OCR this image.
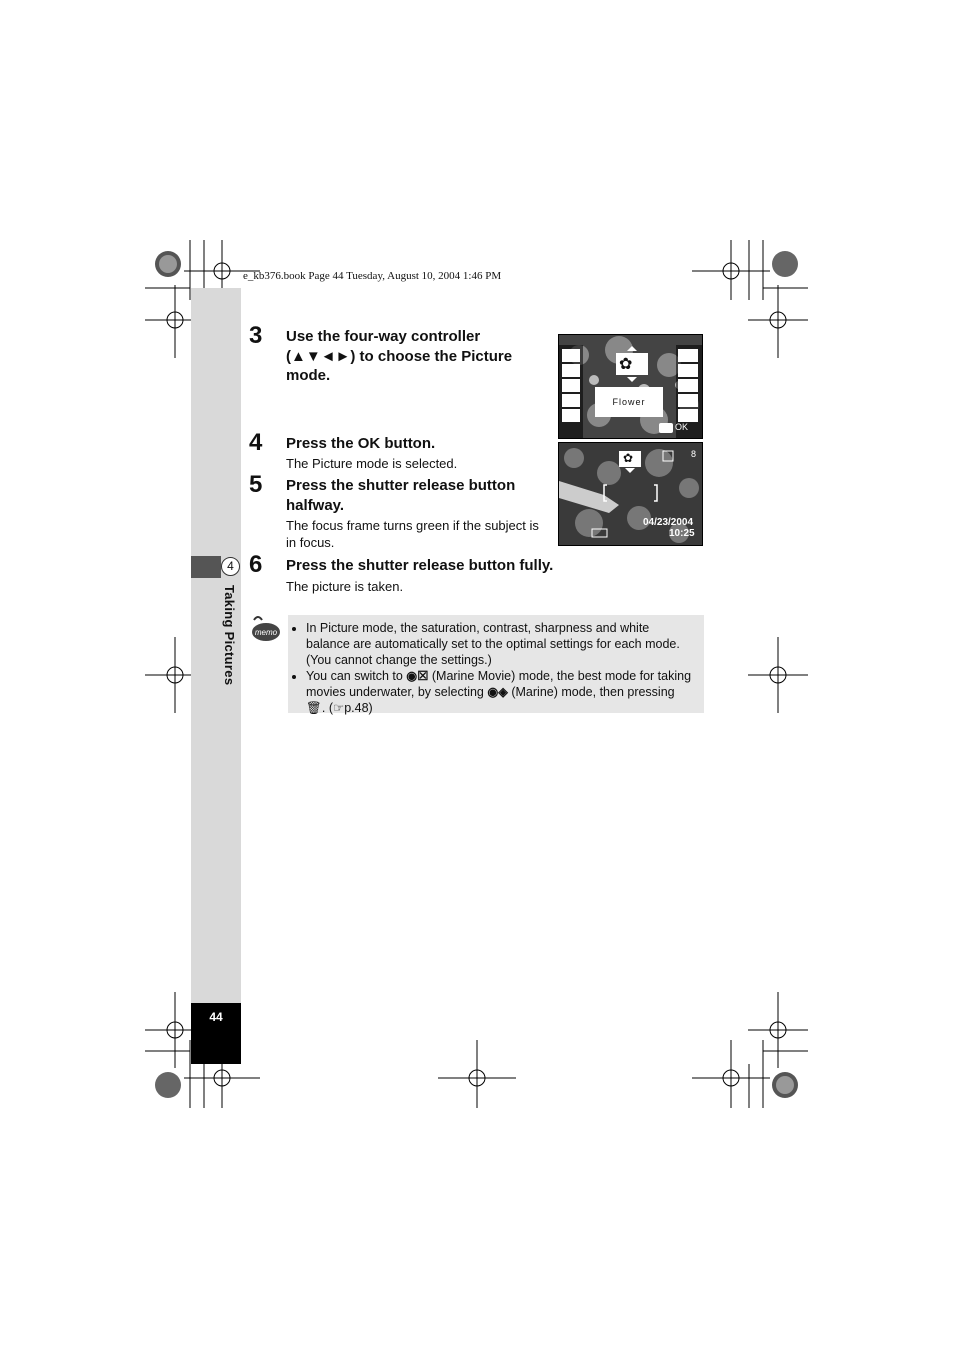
e_kb376.book Page 44 Tuesday, August 10, 2004 1:46 PM
4
Taking Pictures
44
3 Use the four-way controller
(▲▼◄►) to choose the Picture
mode.
4 Press the OK button.
The Picture mode is selected.
5 Press the shutter release button
halfway.
The focus frame turns green if the subject is
in focus.
6 Press the shutter release button fully.
The picture is taken.
✿
Flower
OK
✿	8
04/23/2004
10:25
memo
• In Picture mode, the saturation, contrast, sharpness and white balance are automatically set to the optimal settings for each mode. (You cannot change the settings.)
• You can switch to ◉☒ (Marine Movie) mode, the best mode for taking movies underwater, by selecting ◉◈ (Marine) mode, then pressing 🗑. (☞p.48)
